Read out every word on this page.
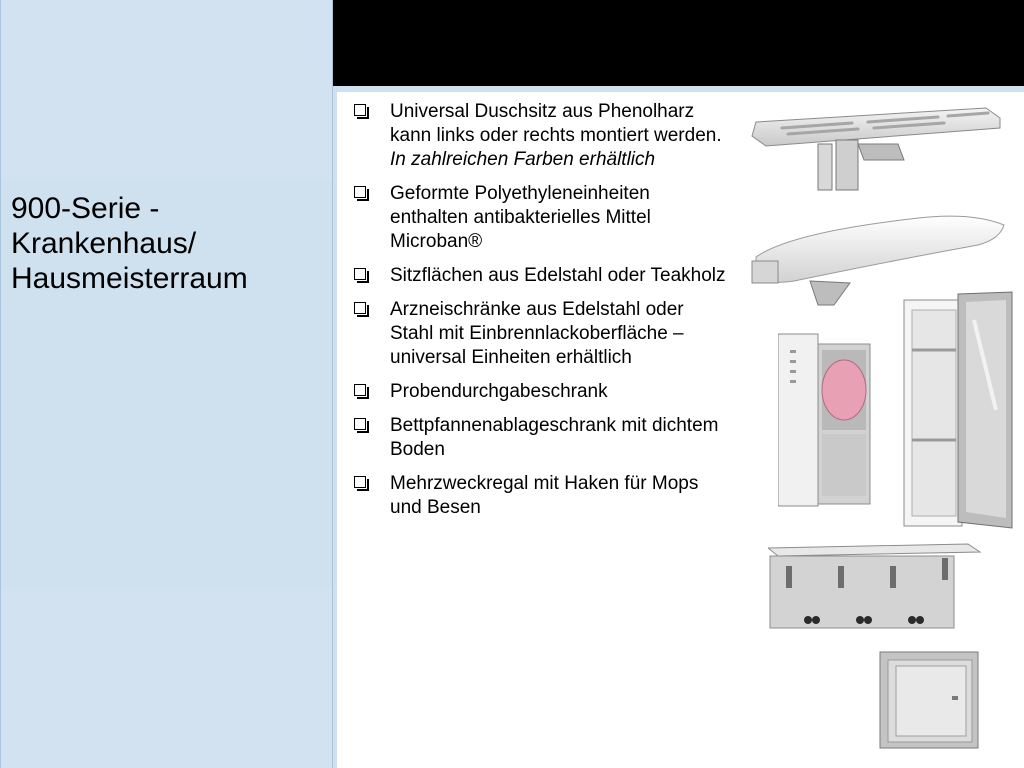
900-Serie - Krankenhaus/ Hausmeisterraum
Universal Duschsitz aus Phenolharz kann links oder rechts montiert werden. In zahlreichen Farben erhältlich
Geformte Polyethyleneinheiten enthalten antibakterielles Mittel Microban®
Sitzflächen aus Edelstahl oder Teakholz
Arzneischränke aus Edelstahl oder Stahl mit Einbrennlackoberfläche – universal Einheiten erhältlich
Probendurchgabeschrank
Bettpfannenablageschrank mit dichtem Boden
Mehrzweckregal mit Haken für Mops und Besen
